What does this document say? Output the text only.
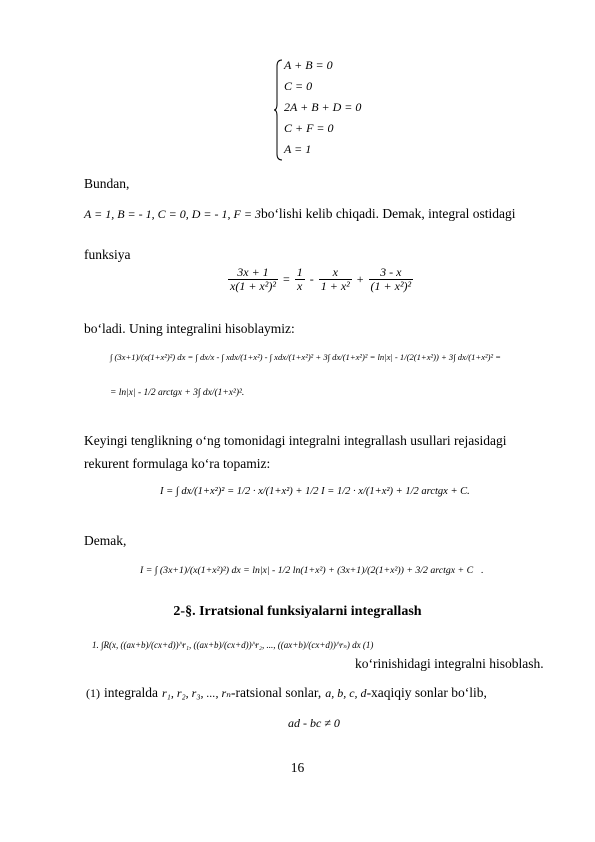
A + B = 0
C = 0
2A + B + D = 0
C + F = 0
A = 1
Bundan,
A = 1, B = - 1, C = 0, D = - 1, F = 3bo‘lishi kelib chiqadi. Demak, integral ostidagi
funksiya
$\frac{3x + 1}{\text{x(1 + x²)²}} = \frac{1}{x} - \frac{x}{\text{1 + x²}} + \frac{3 - x}{\text{(1 + x²)²}}$
bo‘ladi. Uning integralini hisoblaymiz:
∫ (3x+1)/(x(1+x²)²) dx = ∫ dx/x - ∫ xdx/(1+x²) - ∫ xdx/(1+x²)² + 3∫ dx/(1+x²)² = ln|x| - 1/(2(1+x²)) + 3∫ dx/(1+x²)² =
= ln|x| - 1/2 arctgx + 3∫ dx/(1+x²)².
Keyingi tenglikning o‘ng tomonidagi integralni integrallash usullari rejasidagi
rekurent formulaga ko‘ra topamiz:
I = ∫ dx/(1+x²)² = 1/2 · x/(1+x²) + 1/2 I = 1/2 · x/(1+x²) + 1/2 arctgx + C.
Demak,
I = ∫ (3x+1)/(x(1+x²)²) dx = ln|x| - 1/2 ln(1+x²) + (3x+1)/(2(1+x²)) + 3/2 arctgx + C .
2-§. Irratsional funksiyalarni integrallash
1. ∫R(x, ((ax+b)/(cx+d))^r₁, ((ax+b)/(cx+d))^r₂, ..., ((ax+b)/(cx+d))^rₙ) dx (1)
ko‘rinishidagi integralni hisoblash.
(1) integralda r₁, r₂, r₃, ..., rₙ-ratsional sonlar, a, b, c, d-xaqiqiy sonlar bo‘lib,
ad - bc ≠ 0
16
